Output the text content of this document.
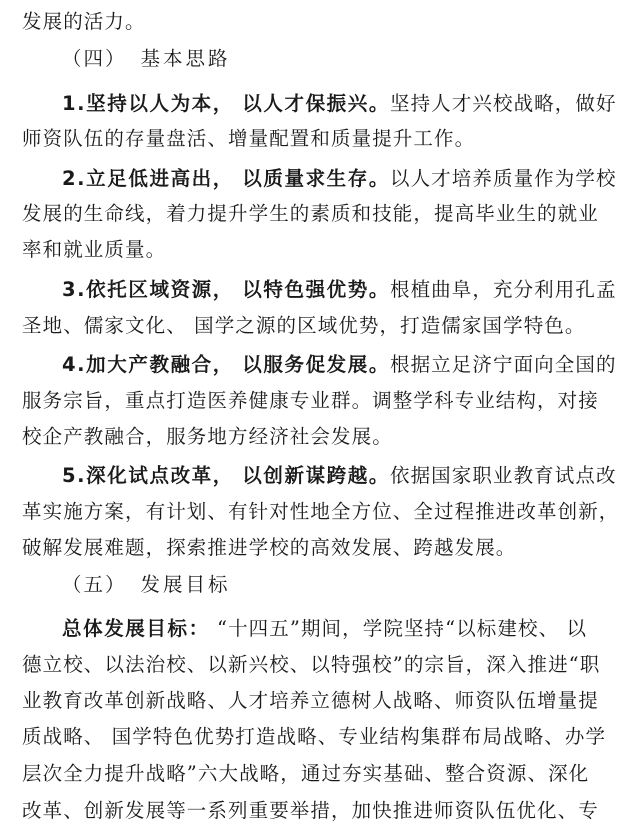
发展的活力。
（四） 基本思路
1.坚持以人为本， 以人才保振兴。坚持人才兴校战略，做好
师资队伍的存量盘活、增量配置和质量提升工作。
2.立足低进高出， 以质量求生存。以人才培养质量作为学校
发展的生命线，着力提升学生的素质和技能，提高毕业生的就业
率和就业质量。
3.依托区域资源， 以特色强优势。根植曲阜，充分利用孔孟
圣地、儒家文化、 国学之源的区域优势，打造儒家国学特色。
4.加大产教融合， 以服务促发展。根据立足济宁面向全国的
服务宗旨，重点打造医养健康专业群。调整学科专业结构，对接
校企产教融合，服务地方经济社会发展。
5.深化试点改革， 以创新谋跨越。依据国家职业教育试点改
革实施方案，有计划、有针对性地全方位、全过程推进改革创新，
破解发展难题，探索推进学校的高效发展、跨越发展。
（五） 发展目标
总体发展目标： “十四五”期间，学院坚持“以标建校、 以
德立校、以法治校、以新兴校、以特强校”的宗旨，深入推进“职
业教育改革创新战略、人才培养立德树人战略、师资队伍增量提
质战略、 国学特色优势打造战略、专业结构集群布局战略、办学
层次全力提升战略”六大战略，通过夯实基础、整合资源、深化
改革、创新发展等一系列重要举措，加快推进师资队伍优化、专
